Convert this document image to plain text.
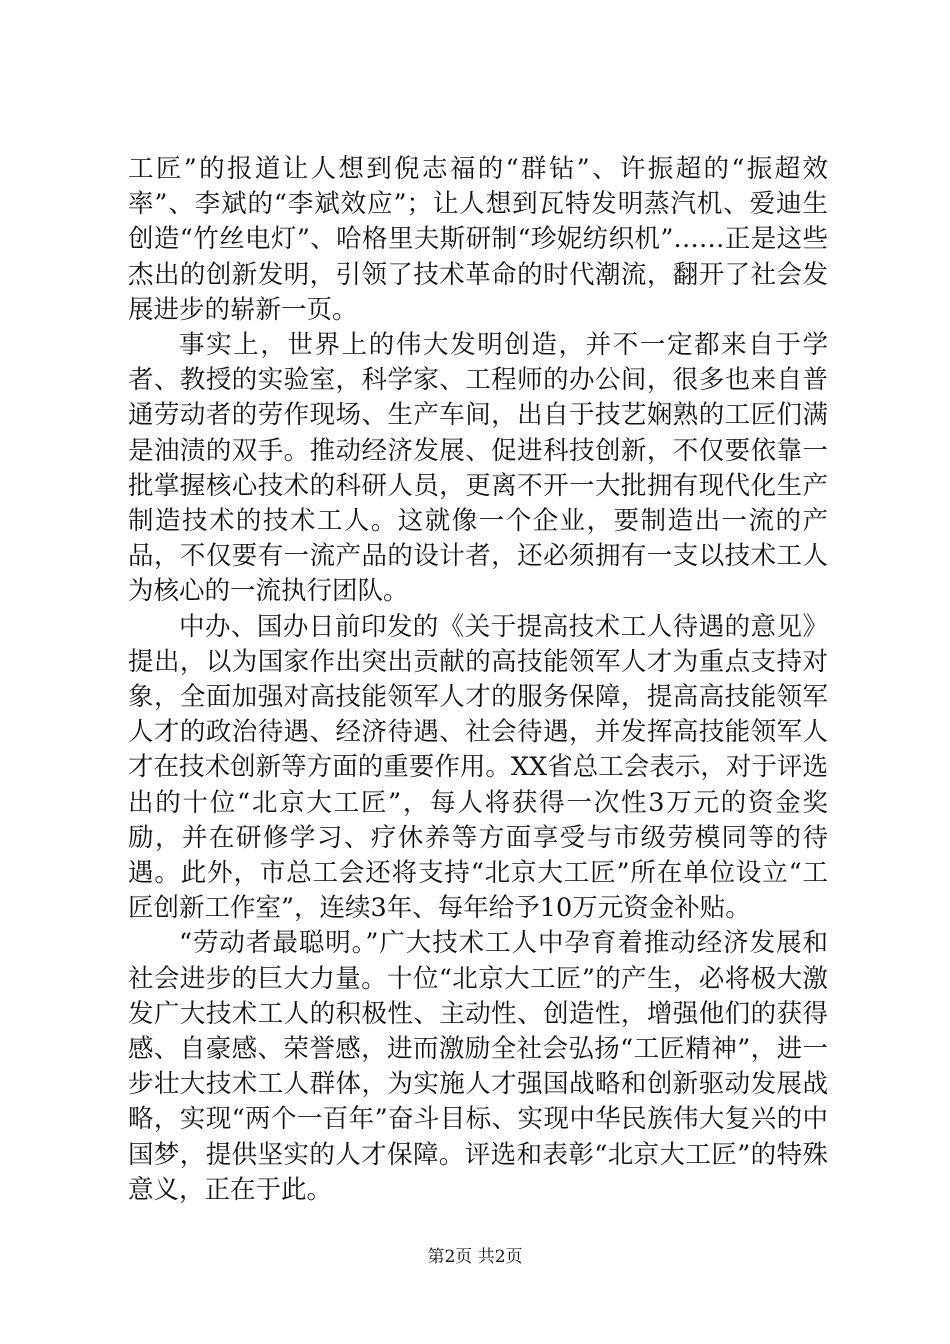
工匠”的报道让人想到倪志福的“群钻”、许振超的“振超效率”、李斌的“李斌效应”；让人想到瓦特发明蒸汽机、爱迪生创造“竹丝电灯”、哈格里夫斯研制“珍妮纺织机”……正是这些杰出的创新发明，引领了技术革命的时代潮流，翻开了社会发展进步的崭新一页。

事实上，世界上的伟大发明创造，并不一定都来自于学者、教授的实验室，科学家、工程师的办公间，很多也来自普通劳动者的劳作现场、生产车间，出自于技艺娴熟的工匠们满是油渍的双手。推动经济发展、促进科技创新，不仅要依靠一批掌握核心技术的科研人员，更离不开一大批拥有现代化生产制造技术的技术工人。这就像一个企业，要制造出一流的产品，不仅要有一流产品的设计者，还必须拥有一支以技术工人为核心的一流执行团队。

中办、国办日前印发的《关于提高技术工人待遇的意见》提出，以为国家作出突出贡献的高技能领军人才为重点支持对象，全面加强对高技能领军人才的服务保障，提高高技能领军人才的政治待遇、经济待遇、社会待遇，并发挥高技能领军人才在技术创新等方面的重要作用。XX省总工会表示，对于评选出的十位“北京大工匠”，每人将获得一次性3万元的资金奖励，并在研修学习、疗休养等方面享受与市级劳模同等的待遇。此外，市总工会还将支持“北京大工匠”所在单位设立“工匠创新工作室”，连续3年、每年给予10万元资金补贴。

“劳动者最聪明。”广大技术工人中孕育着推动经济发展和社会进步的巨大力量。十位“北京大工匠”的产生，必将极大激发广大技术工人的积极性、主动性、创造性，增强他们的获得感、自豪感、荣誉感，进而激励全社会弘扬“工匠精神”，进一步壮大技术工人群体，为实施人才强国战略和创新驱动发展战略，实现“两个一百年”奋斗目标、实现中华民族伟大复兴的中国梦，提供坚实的人才保障。评选和表彰“北京大工匠”的特殊意义，正在于此。

第2页 共2页
